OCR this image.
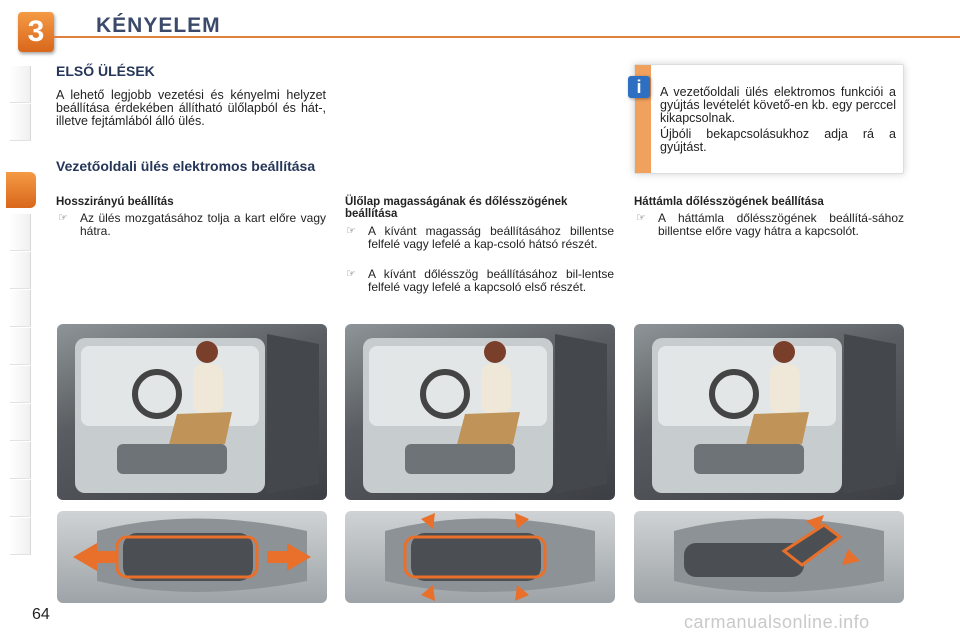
3	KÉNYELEM
ELSŐ ÜLÉSEK
A lehető legjobb vezetési és kényelmi helyzet beállítása érdekében állítható ülőlapból és hát-, illetve fejtámlából álló ülés.
Vezetőoldali ülés elektromos beállítása
Hosszirányú beállítás
☞ Az ülés mozgatásához tolja a kart előre vagy hátra.
Ülőlap magasságának és dőlésszögének beállítása
☞ A kívánt magasság beállításához billentse felfelé vagy lefelé a kap-csoló hátsó részét.
☞ A kívánt dőlésszög beállításához bil-lentse felfelé vagy lefelé a kapcsoló első részét.
Háttámla dőlésszögének beállítása
☞ A háttámla dőlésszögének beállítá-sához billentse előre vagy hátra a kapcsolót.
i	A vezetőoldali ülés elektromos funkciói a gyújtás levételét követő-en kb. egy perccel kikapcsolnak.
Újbóli bekapcsolásukhoz adja rá a gyújtást.
64	carmanualsonline.info
